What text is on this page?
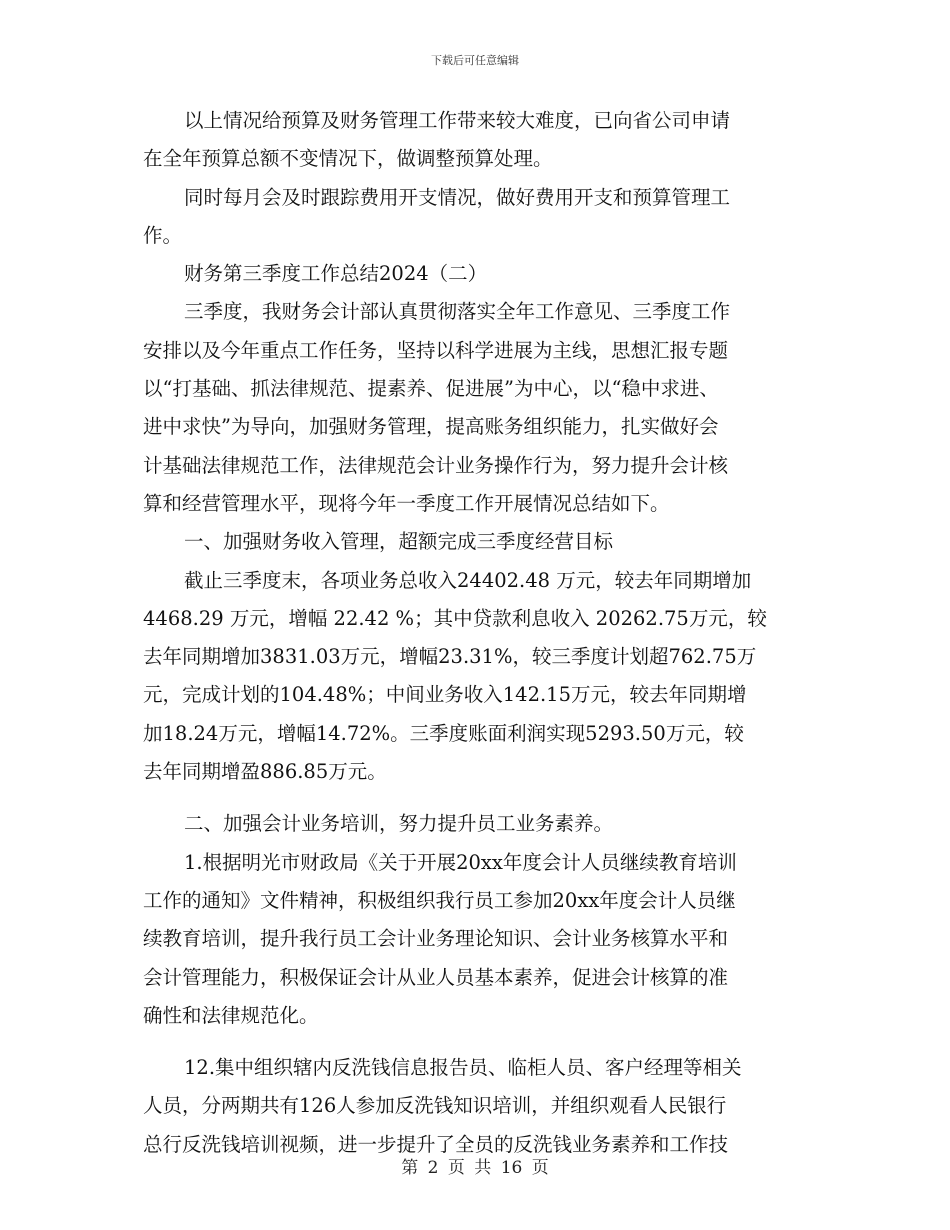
下载后可任意编辑
以上情况给预算及财务管理工作带来较大难度，已向省公司申请
在全年预算总额不变情况下，做调整预算处理。
同时每月会及时跟踪费用开支情况，做好费用开支和预算管理工
作。
财务第三季度工作总结2024（二）
三季度，我财务会计部认真贯彻落实全年工作意见、三季度工作
安排以及今年重点工作任务，坚持以科学进展为主线，思想汇报专题
以“打基础、抓法律规范、提素养、促进展”为中心，以“稳中求进、
进中求快”为导向，加强财务管理，提高账务组织能力，扎实做好会
计基础法律规范工作，法律规范会计业务操作行为，努力提升会计核
算和经营管理水平，现将今年一季度工作开展情况总结如下。
一、加强财务收入管理，超额完成三季度经营目标
截止三季度末，各项业务总收入24402.48 万元，较去年同期增加
4468.29 万元，增幅 22.42 %；其中贷款利息收入 20262.75万元，较
去年同期增加3831.03万元，增幅23.31%，较三季度计划超762.75万
元，完成计划的104.48%；中间业务收入142.15万元，较去年同期增
加18.24万元，增幅14.72%。三季度账面利润实现5293.50万元，较
去年同期增盈886.85万元。
二、加强会计业务培训，努力提升员工业务素养。
1.根据明光市财政局《关于开展20xx年度会计人员继续教育培训
工作的通知》文件精神，积极组织我行员工参加20xx年度会计人员继
续教育培训，提升我行员工会计业务理论知识、会计业务核算水平和
会计管理能力，积极保证会计从业人员基本素养，促进会计核算的准
确性和法律规范化。
12.集中组织辖内反洗钱信息报告员、临柜人员、客户经理等相关
人员，分两期共有126人参加反洗钱知识培训，并组织观看人民银行
总行反洗钱培训视频，进一步提升了全员的反洗钱业务素养和工作技
第 2 页 共 16 页
